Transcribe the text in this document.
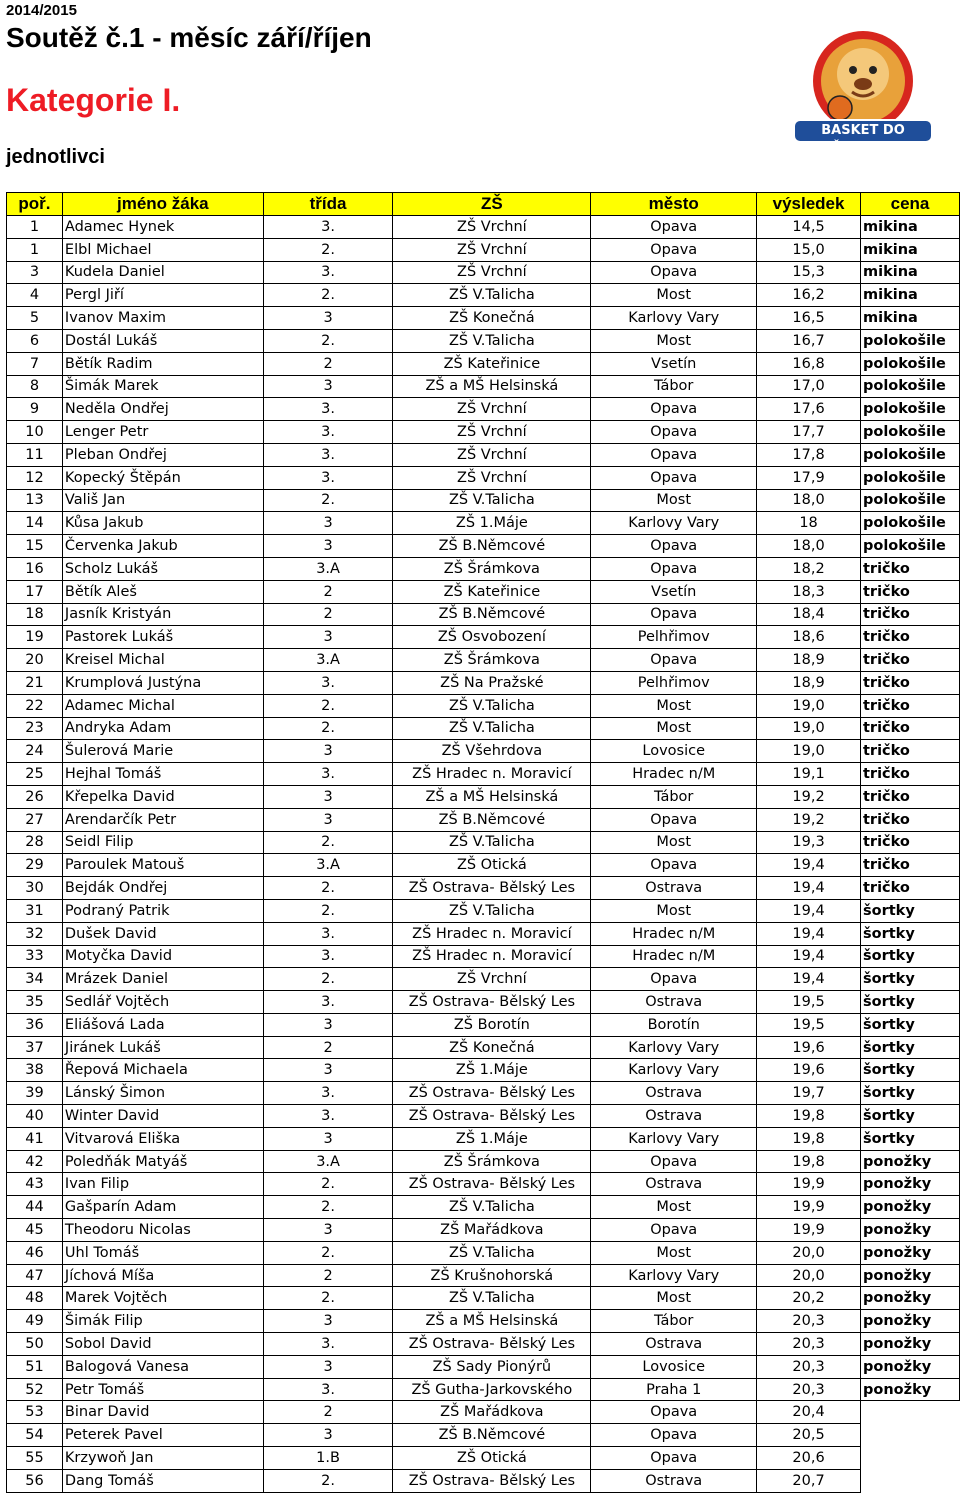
2014/2015
Soutěž č.1 - měsíc září/říjen
Kategorie I.
jednotlivci
BASKET DO ŠKOL.CZ
poř.	jméno žáka	třída	ZŠ	město	výsledek	cena
1	Adamec Hynek	3.	ZŠ Vrchní	Opava	14,5	mikina
1	Elbl Michael	2.	ZŠ Vrchní	Opava	15,0	mikina
3	Kudela Daniel	3.	ZŠ Vrchní	Opava	15,3	mikina
4	Pergl Jiří	2.	ZŠ V.Talicha	Most	16,2	mikina
5	Ivanov Maxim	3	ZŠ Konečná	Karlovy Vary	16,5	mikina
6	Dostál Lukáš	2.	ZŠ V.Talicha	Most	16,7	polokošile
7	Bětík Radim	2	ZŠ Kateřinice	Vsetín	16,8	polokošile
8	Šimák Marek	3	ZŠ a MŠ Helsinská	Tábor	17,0	polokošile
9	Neděla Ondřej	3.	ZŠ Vrchní	Opava	17,6	polokošile
10	Lenger Petr	3.	ZŠ Vrchní	Opava	17,7	polokošile
11	Pleban Ondřej	3.	ZŠ Vrchní	Opava	17,8	polokošile
12	Kopecký Štěpán	3.	ZŠ Vrchní	Opava	17,9	polokošile
13	Vališ Jan	2.	ZŠ V.Talicha	Most	18,0	polokošile
14	Kůsa Jakub	3	ZŠ 1.Máje	Karlovy Vary	18	polokošile
15	Červenka Jakub	3	ZŠ B.Němcové	Opava	18,0	polokošile
16	Scholz Lukáš	3.A	ZŠ Šrámkova	Opava	18,2	tričko
17	Bětík Aleš	2	ZŠ Kateřinice	Vsetín	18,3	tričko
18	Jasník Kristyán	2	ZŠ B.Němcové	Opava	18,4	tričko
19	Pastorek Lukáš	3	ZŠ Osvobození	Pelhřimov	18,6	tričko
20	Kreisel Michal	3.A	ZŠ Šrámkova	Opava	18,9	tričko
21	Krumplová Justýna	3.	ZŠ Na Pražské	Pelhřimov	18,9	tričko
22	Adamec Michal	2.	ZŠ V.Talicha	Most	19,0	tričko
23	Andryka Adam	2.	ZŠ V.Talicha	Most	19,0	tričko
24	Šulerová Marie	3	ZŠ Všehrdova	Lovosice	19,0	tričko
25	Hejhal Tomáš	3.	ZŠ Hradec n. Moravicí	Hradec n/M	19,1	tričko
26	Křepelka David	3	ZŠ a MŠ Helsinská	Tábor	19,2	tričko
27	Arendarčík Petr	3	ZŠ B.Němcové	Opava	19,2	tričko
28	Seidl Filip	2.	ZŠ V.Talicha	Most	19,3	tričko
29	Paroulek Matouš	3.A	ZŠ Otická	Opava	19,4	tričko
30	Bejdák Ondřej	2.	ZŠ Ostrava- Bělský Les	Ostrava	19,4	tričko
31	Podraný Patrik	2.	ZŠ V.Talicha	Most	19,4	šortky
32	Dušek David	3.	ZŠ Hradec n. Moravicí	Hradec n/M	19,4	šortky
33	Motyčka David	3.	ZŠ Hradec n. Moravicí	Hradec n/M	19,4	šortky
34	Mrázek Daniel	2.	ZŠ Vrchní	Opava	19,4	šortky
35	Sedlář Vojtěch	3.	ZŠ Ostrava- Bělský Les	Ostrava	19,5	šortky
36	Eliášová Lada	3	ZŠ Borotín	Borotín	19,5	šortky
37	Jiránek Lukáš	2	ZŠ Konečná	Karlovy Vary	19,6	šortky
38	Řepová Michaela	3	ZŠ 1.Máje	Karlovy Vary	19,6	šortky
39	Lánský Šimon	3.	ZŠ Ostrava- Bělský Les	Ostrava	19,7	šortky
40	Winter David	3.	ZŠ Ostrava- Bělský Les	Ostrava	19,8	šortky
41	Vitvarová Eliška	3	ZŠ 1.Máje	Karlovy Vary	19,8	šortky
42	Poledňák Matyáš	3.A	ZŠ Šrámkova	Opava	19,8	ponožky
43	Ivan Filip	2.	ZŠ Ostrava- Bělský Les	Ostrava	19,9	ponožky
44	Gašparín Adam	2.	ZŠ V.Talicha	Most	19,9	ponožky
45	Theodoru Nicolas	3	ZŠ Mařádkova	Opava	19,9	ponožky
46	Uhl Tomáš	2.	ZŠ V.Talicha	Most	20,0	ponožky
47	Jíchová Míša	2	ZŠ Krušnohorská	Karlovy Vary	20,0	ponožky
48	Marek Vojtěch	2.	ZŠ V.Talicha	Most	20,2	ponožky
49	Šimák Filip	3	ZŠ a MŠ Helsinská	Tábor	20,3	ponožky
50	Sobol David	3.	ZŠ Ostrava- Bělský Les	Ostrava	20,3	ponožky
51	Balogová Vanesa	3	ZŠ Sady Pionýrů	Lovosice	20,3	ponožky
52	Petr Tomáš	3.	ZŠ Gutha-Jarkovského	Praha 1	20,3	ponožky
53	Binar David	2	ZŠ Mařádkova	Opava	20,4	
54	Peterek Pavel	3	ZŠ B.Němcové	Opava	20,5	
55	Krzywoň Jan	1.B	ZŠ Otická	Opava	20,6	
56	Dang Tomáš	2.	ZŠ Ostrava- Bělský Les	Ostrava	20,7	
